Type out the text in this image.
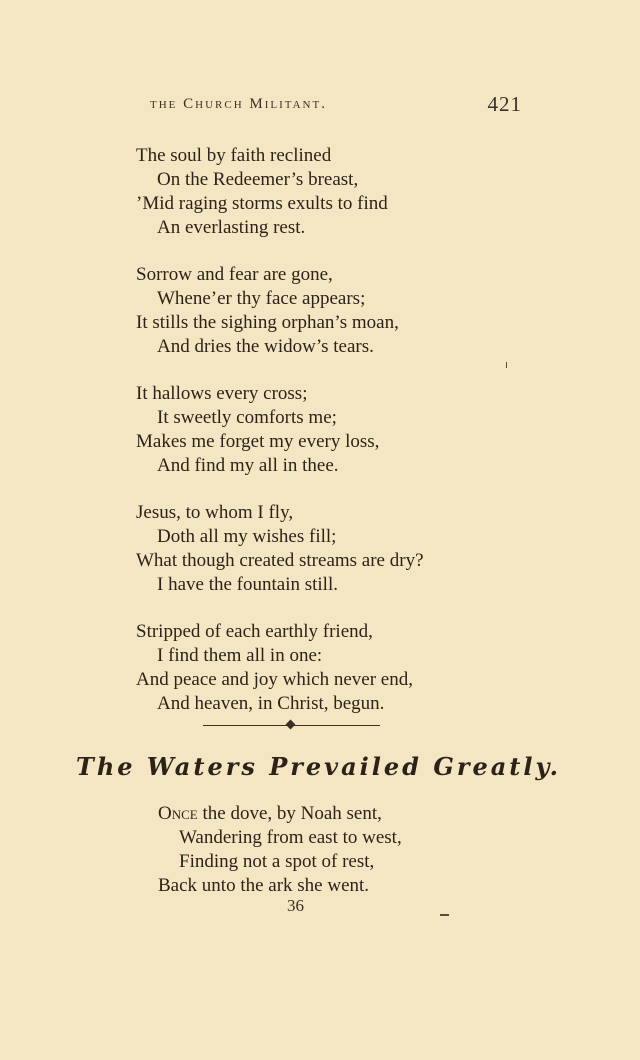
the Church Militant.	421
The soul by faith reclined
On the Redeemer’s breast,
’Mid raging storms exults to find
An everlasting rest.
Sorrow and fear are gone,
Whene’er thy face appears;
It stills the sighing orphan’s moan,
And dries the widow’s tears.
It hallows every cross;
It sweetly comforts me;
Makes me forget my every loss,
And find my all in thee.
Jesus, to whom I fly,
Doth all my wishes fill;
What though created streams are dry?
I have the fountain still.
Stripped of each earthly friend,
I find them all in one:
And peace and joy which never end,
And heaven, in Christ, begun.
The Waters Prevailed Greatly.
Once the dove, by Noah sent,
Wandering from east to west,
Finding not a spot of rest,
Back unto the ark she went.
36
